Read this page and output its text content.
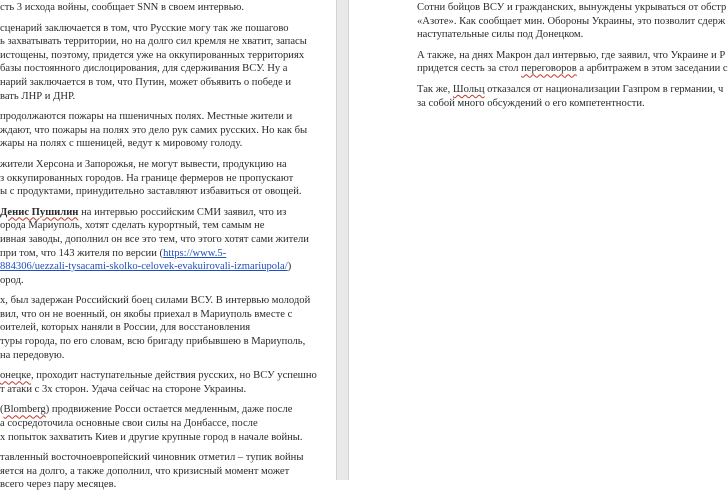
сть 3 исхода войны, сообщает SNN в своем интервью.
сценарий заключается в том, что Русские могу так же пошагово
ь захватывать территории, но на долго сил кремля не хватит, запасы
истощены, поэтому, придется уже на оккупированных территориях
базы постоянного дислоцирования, для сдерживания ВСУ. Ну а
нарий заключается в том, что Путин, может объявить о победе и
вать ЛНР и ДНР.
продолжаются пожары на пшеничных полях. Местные жители и
ждают, что пожары на полях это дело рук самих русских. Но как бы
жары на полях с пшеницей, ведут к мировому голоду.
жители Херсона и Запорожья, не могут вывести, продукцию на
з оккупированных городов. На границе фермеров не пропускают
ы с продуктами, принудительно заставляют избавиться от овощей.
Денис Пушилин на интервью российским СМИ заявил, что из
орода Мариуполь, хотят сделать курортный, тем самым не
ивная заводы, дополнил он все это тем, что этого хотят сами жители
при том, что 143 жителя по версии (https://www.5-
884306/uezzali-tysacami-skolko-celovek-evakuirovali-izmariupola/)
ород.
х, был задержан Российский боец силами ВСУ. В интервью молодой
вил, что он не военный, он якобы приехал в Мариуполь вместе с
оителей, которых наняли в России, для восстановления
туры города, по его словам, всю бригаду прибывшею в Мариуполь,
на передовую.
онецке, проходит наступательные действия русских, но ВСУ успешно
т атаки с 3х сторон. Удача сейчас на стороне Украины.
(Blomberg) продвижение Росси остается медленным, даже после
а сосредоточила основные свои силы на Донбассе, после
х попыток захватить Киев и другие крупные город в начале войны.
тавленный восточноевропейский чиновник отметил – тупик войны
яется на долго, а также дополнил, что кризисный момент может
всего через пару месяцев.
Сотни бойцов ВСУ и гражданских, вынуждены укрываться от обстр
«Азоте». Как сообщает мин. Обороны Украины, это позволит сдерж
наступательные силы под Донецком.
А также, на днях Макрон дал интервью, где заявил, что Украине и Р
придется сесть за стол переговоров а арбитражем в этом заседании с
Так же, Шольц отказался от национализации Газпром в германии, ч
за собой много обсуждений о его компетентности.
